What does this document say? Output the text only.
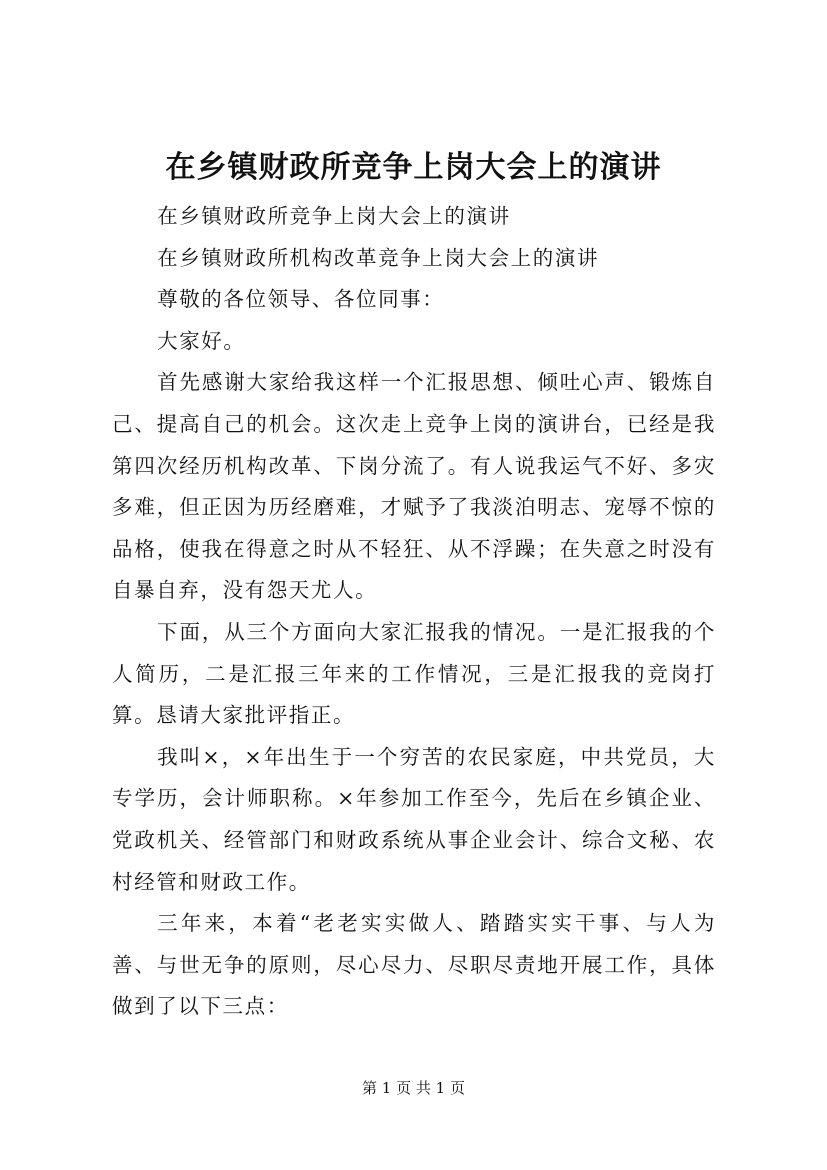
在乡镇财政所竞争上岗大会上的演讲

在乡镇财政所竞争上岗大会上的演讲

在乡镇财政所机构改革竞争上岗大会上的演讲

尊敬的各位领导、各位同事：

大家好。

首先感谢大家给我这样一个汇报思想、倾吐心声、锻炼自己、提高自己的机会。这次走上竞争上岗的演讲台，已经是我第四次经历机构改革、下岗分流了。有人说我运气不好、多灾多难，但正因为历经磨难，才赋予了我淡泊明志、宠辱不惊的品格，使我在得意之时从不轻狂、从不浮躁；在失意之时没有自暴自弃，没有怨天尤人。

下面，从三个方面向大家汇报我的情况。一是汇报我的个人简历，二是汇报三年来的工作情况，三是汇报我的竞岗打算。恳请大家批评指正。

我叫×，×年出生于一个穷苦的农民家庭，中共党员，大专学历，会计师职称。×年参加工作至今，先后在乡镇企业、党政机关、经管部门和财政系统从事企业会计、综合文秘、农村经管和财政工作。

三年来，本着“老老实实做人、踏踏实实干事、与人为善、与世无争的原则，尽心尽力、尽职尽责地开展工作，具体做到了以下三点：

第 1 页 共 1 页
